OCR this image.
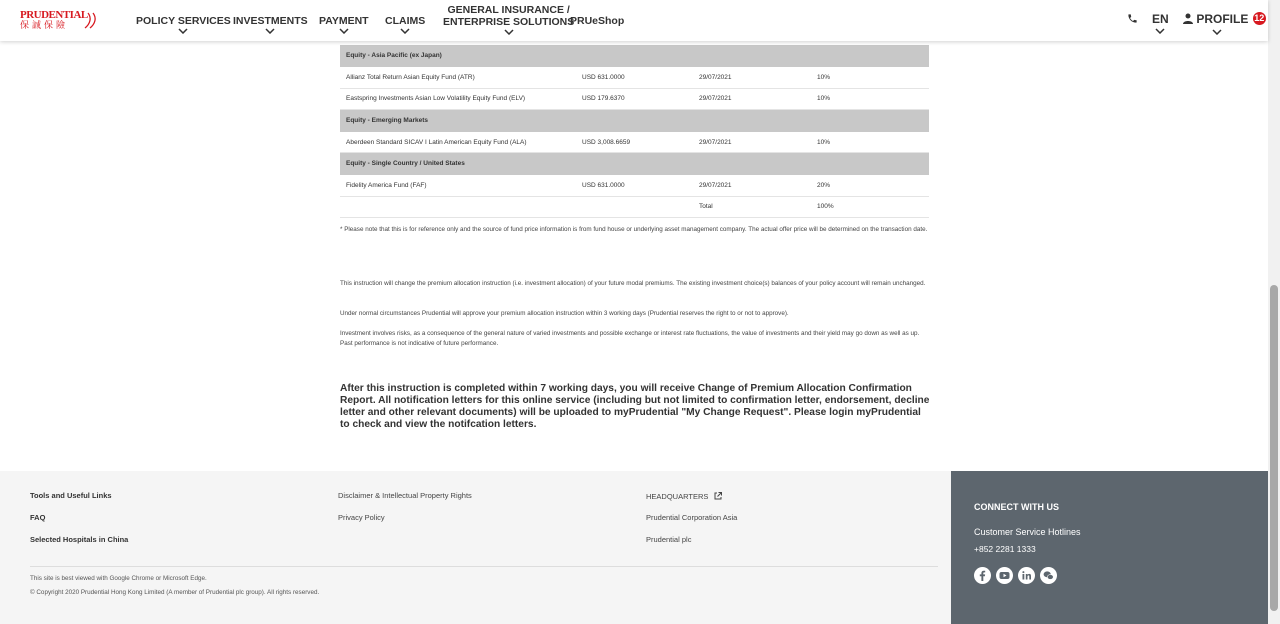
PRUDENTIAL
保誠保險	POLICY SERVICES INVESTMENTS PAYMENT CLAIMS
GENERAL INSURANCE /
ENTERPRISE SOLUTIONS
PRUeShop	EN	PROFILE 12
Equity - Asia Pacific (ex Japan)			
Allianz Total Return Asian Equity Fund (ATR)	USD 631.0000	29/07/2021	10%
Eastspring Investments Asian Low Volatility Equity Fund (ELV)	USD 179.6370	29/07/2021	10%
Equity - Emerging Markets			
Aberdeen Standard SICAV I Latin American Equity Fund (ALA)	USD 3,008.6659	29/07/2021	10%
Equity - Single Country / United States			
Fidelity America Fund (FAF)	USD 631.0000	29/07/2021	20%
		Total	100%
* Please note that this is for reference only and the source of fund price information is from fund house or underlying asset management company. The actual offer price will be determined on the transaction date.
This instruction will change the premium allocation instruction (i.e. investment allocation) of your future modal premiums. The existing investment choice(s) balances of your policy account will remain unchanged.
Under normal circumstances Prudential will approve your premium allocation instruction within 3 working days (Prudential reserves the right to or not to approve).
Investment involves risks, as a consequence of the general nature of varied investments and possible exchange or interest rate fluctuations, the value of investments and their yield may go down as well as up. Past performance is not indicative of future performance.
After this instruction is completed within 7 working days, you will receive Change of Premium Allocation Confirmation Report. All notification letters for this online service (including but not limited to confirmation letter, endorsement, decline letter and other relevant documents) will be uploaded to myPrudential "My Change Request". Please login myPrudential to check and view the notifcation letters.
Tools and Useful Links
FAQ
Selected Hospitals in China
Disclaimer & Intellectual Property Rights
Privacy Policy
HEADQUARTERS
Prudential Corporation Asia
Prudential plc
This site is best viewed with Google Chrome or Microsoft Edge.
© Copyright 2020 Prudential Hong Kong Limited (A member of Prudential plc group). All rights reserved.
CONNECT WITH US
Customer Service Hotlines
+852 2281 1333
